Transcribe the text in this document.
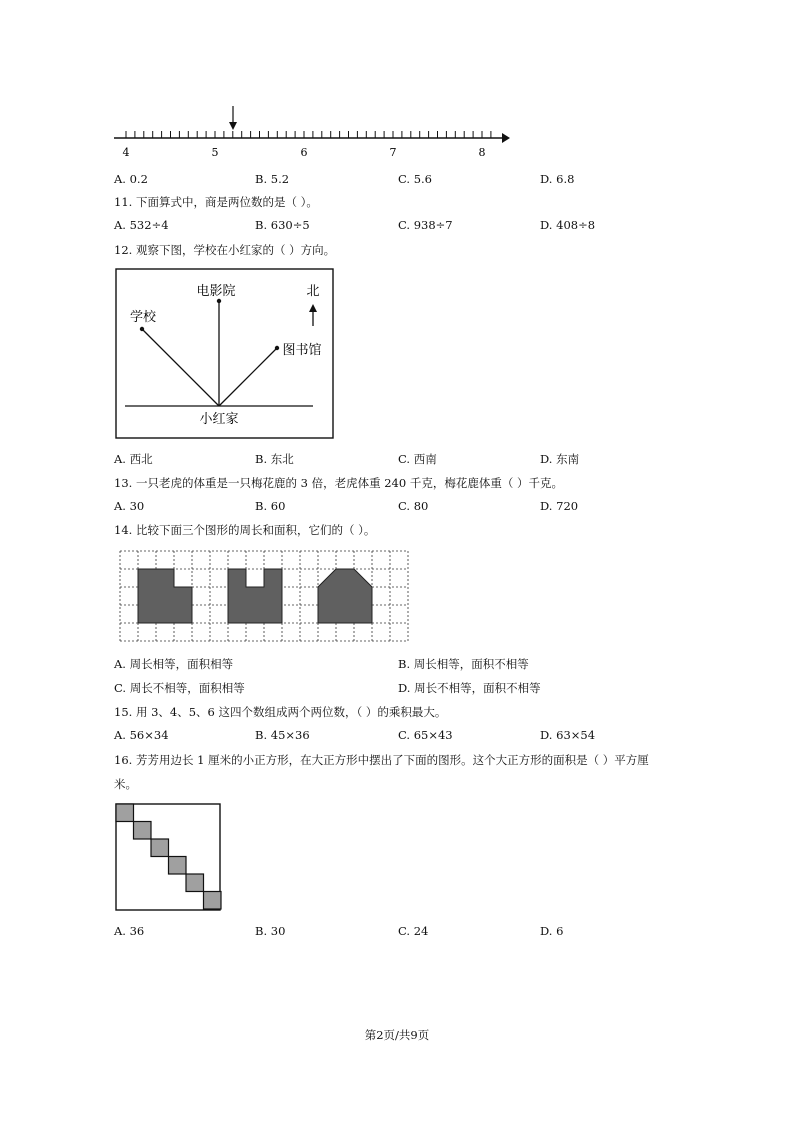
4	5	6	7	8
A. 0.2	B. 5.2	C. 5.6	D. 6.8
11. 下面算式中，商是两位数的是（ ）。
A. 532÷4	B. 630÷5	C. 938÷7	D. 408÷8
12. 观察下图，学校在小红家的（ ）方向。
电影院
学校
图书馆
小红家
北
A. 西北	B. 东北	C. 西南	D. 东南
13. 一只老虎的体重是一只梅花鹿的 3 倍，老虎体重 240 千克，梅花鹿体重（ ）千克。
A. 30	B. 60	C. 80	D. 720
14. 比较下面三个图形的周长和面积，它们的（ ）。
A. 周长相等，面积相等	B. 周长相等，面积不相等
C. 周长不相等，面积相等	D. 周长不相等，面积不相等
15. 用 3、4、5、6 这四个数组成两个两位数，（ ）的乘积最大。
A. 56×34	B. 45×36	C. 65×43	D. 63×54
16. 芳芳用边长 1 厘米的小正方形，在大正方形中摆出了下面的图形。这个大正方形的面积是（ ）平方厘
米。
A. 36	B. 30	C. 24	D. 6
第2页/共9页
